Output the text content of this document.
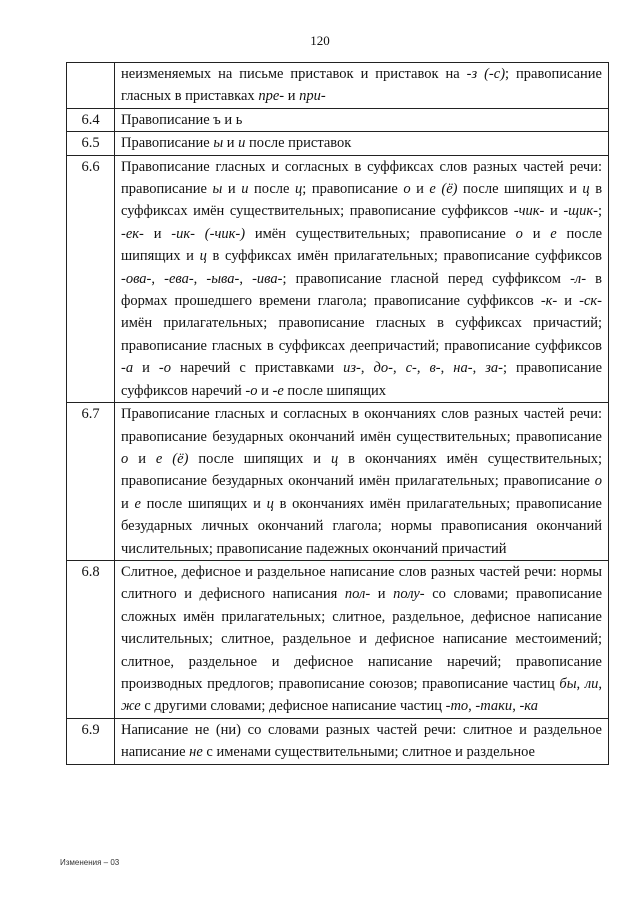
120
	неизменяемых на письме приставок и приставок на -з (-с); правописание гласных в приставках пре- и при-
6.4	Правописание ъ и ь
6.5	Правописание ы и и после приставок
6.6	Правописание гласных и согласных в суффиксах слов разных частей речи: правописание ы и и после ц; правописание о и е (ё) после шипящих и ц в суффиксах имён существительных; правописание суффиксов -чик- и -щик-; -ек- и -ик- (-чик-) имён существительных; правописание о и е после шипящих и ц в суффиксах имён прилагательных; правописание суффиксов -ова-, -ева-, -ыва-, -ива-; правописание гласной перед суффиксом -л- в формах прошедшего времени глагола; правописание суффиксов -к- и -ск- имён прилагательных; правописание гласных в суффиксах причастий; правописание гласных в суффиксах деепричастий; правописание суффиксов -а и -о наречий с приставками из-, до-, с-, в-, на-, за-; правописание суффиксов наречий -о и -е после шипящих
6.7	Правописание гласных и согласных в окончаниях слов разных частей речи: правописание безударных окончаний имён существительных; правописание о и е (ё) после шипящих и ц в окончаниях имён существительных; правописание безударных окончаний имён прилагательных; правописание о и е после шипящих и ц в окончаниях имён прилагательных; правописание безударных личных окончаний глагола; нормы правописания окончаний числительных; правописание падежных окончаний причастий
6.8	Слитное, дефисное и раздельное написание слов разных частей речи: нормы слитного и дефисного написания пол- и полу- со словами; правописание сложных имён прилагательных; слитное, раздельное, дефисное написание числительных; слитное, раздельное и дефисное написание местоимений; слитное, раздельное и дефисное написание наречий; правописание производных предлогов; правописание союзов; правописание частиц бы, ли, же с другими словами; дефисное написание частиц -то, -таки, -ка
6.9	Написание не (ни) со словами разных частей речи: слитное и раздельное написание не с именами существительными; слитное и раздельное
Изменения – 03
